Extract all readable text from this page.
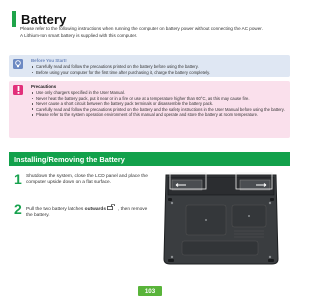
Battery

Please refer to the following instructions when running the computer on battery power without connecting the AC power.

A Lithium-Ion smart battery is supplied with this computer.

Before You Start!
Carefully read and follow the precautions printed on the battery before using the battery.
Before using your computer for the first time after purchasing it, charge the battery completely.
Precautions
Use only chargers specified in the User Manual.
Never heat the battery pack, put it near or in a fire or use at a temperature higher than 60°C, as this may cause fire.
Never cause a short circuit between the battery pack terminals or disassemble the battery pack.
Carefully read and follow the precautions printed on the battery and the safety instructions in the User Manual before using the battery.
Please refer to the system operation environment of this manual and operate and store the battery at room temperature.
Installing/Removing the Battery
1 Shutdown the system, close the LCD panel and place the computer upside down on a flat surface.
2 Pull the two battery latches outwards	, then remove the battery.
103
